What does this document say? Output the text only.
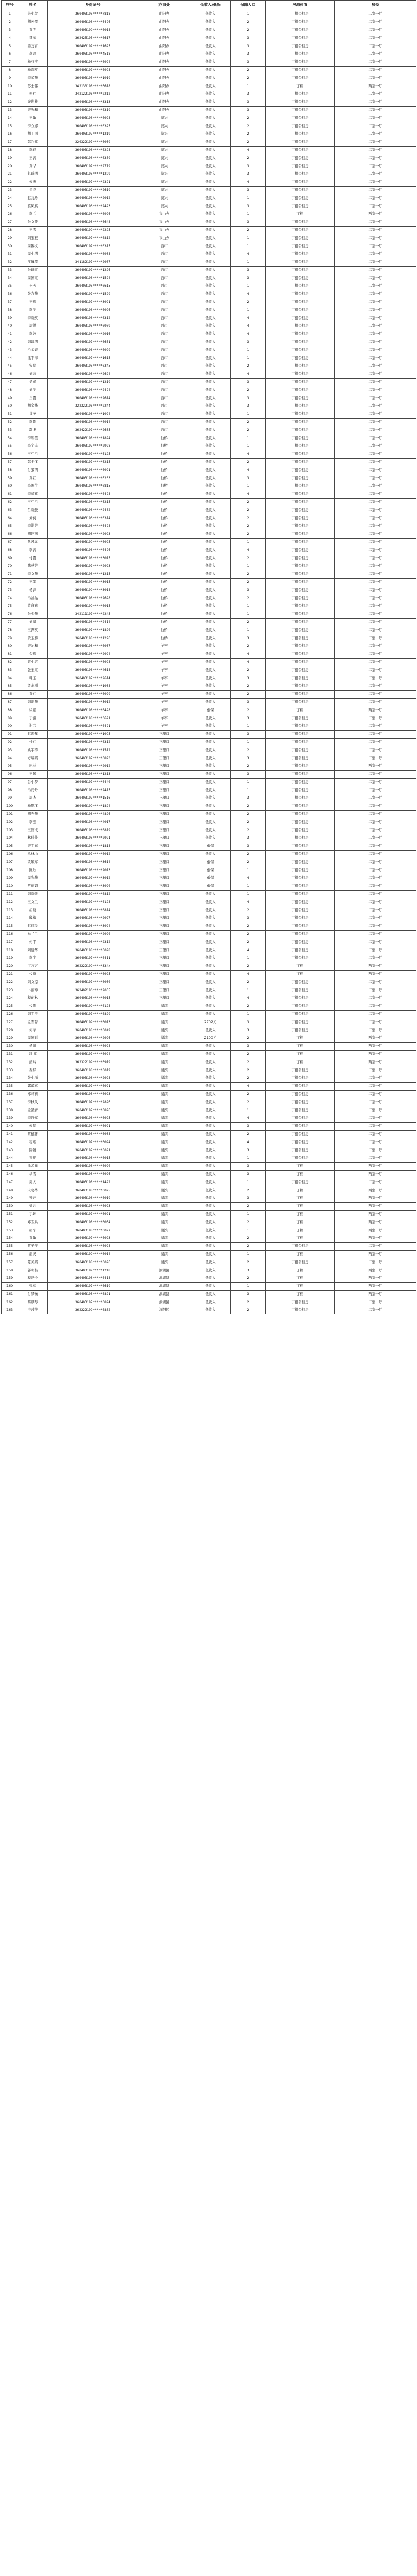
序号	姓名	身份证号	办事处	低收入/低保	保障人口	房源位置	房型
1	朱小梁	360403198*****7818	曲阳办	低收入	1	丁棚公租房	二室一厅
2	胡云霞	360403198*****6426	曲阳办	低收入	2	丁棚公租房	二室一厅
3	黄飞	360403199*****0018	曲阳办	低收入	2	丁棚公租房	二室一厅
4	聂荣	362425195*****0617	曲阳办	低收入	3	丁棚公租房	二室一厅
5	姜万青	360403197*****1625	曲阳办	低收入	3	丁棚公租房	二室一厅
6	李超	360403198*****4518	曲阳办	低收入	3	丁棚公租房	二室一厅
7	杨亚宝	360403198*****0924	曲阳办	低收入	3	丁棚公租房	二室一厅
8	杨海英	360403197*****0928	曲阳办	低收入	2	丁棚公租房	二室一厅
9	李荣华	360403195*****1919	曲阳办	低收入	2	丁棚公租房	二室一厅
10	苏士伟	342130198*****6618	曲阳办	低收入	1	丁棚	两室一厅
11	柯仁	342122196*****2212	曲阳办	低收入	3	丁棚公租房	二室一厅
12	许世雄	360403198*****3313	曲阳办	低收入	3	丁棚公租房	二室一厅
13	宋先和	360403196*****0319	曲阳办	低收入	3	丁棚公租房	二室一厅
14	王敏	360403198*****0028	滨兴	低收入	2	丁棚公租房	二室一厅
15	李立娜	360403198*****0325	滨兴	低收入	2	丁棚公租房	二室一厅
16	胡卫国	360403197*****1219	滨兴	低收入	2	丁棚公租房	二室一厅
17	韩兴斌	220322197*****0039	滨兴	低收入	2	丁棚公租房	二室一厅
18	李峰	360403198*****0228	滨兴	低收入	4	丁棚公租房	二室一厅
19	王涛	360403198*****0359	滨兴	低收入	2	丁棚公租房	二室一厅
20	黄华	360403197*****2719	滨兴	低收入	3	丁棚公租房	二室一厅
21	赵瑞明	360403198*****1299	滨兴	低收入	3	丁棚公租房	二室一厅
22	朱惠	360403197*****2321	滨兴	低收入	4	丁棚公租房	二室一厅
23	祖良	360403197*****2619	滨兴	低收入	3	丁棚公租房	二室一厅
24	赵元珍	360403198*****2012	滨兴	低收入	1	丁棚公租房	二室一厅
25	莫凤英	360403196*****2423	滨兴	低收入	3	丁棚公租房	二室一厅
26	李兵	360403198*****0926	市山办	低收入	1	丁棚	两室一厅
27	朱文佳	360403198*****0648	市山办	低收入	3	丁棚公租房	二室一厅
28	王雪	360403199*****2225	市山办	低收入	2	丁棚公租房	二室一厅
29	刘宝根	360403197*****0812	市山办	低收入	1	丁棚公租房	二室一厅
30	周锡文	360403197*****0315	西市	低收入	1	丁棚公租房	二室一厅
31	周小明	360403198*****0938	西市	低收入	4	丁棚公租房	二室一厅
32	江佩霞	341182197*****2007	西市	低收入	1	丁棚公租房	二室一厅
33	朱瑞红	360403197*****1226	西市	低收入	3	丁棚公租房	二室一厅
34	周国红	360403198*****1524	西市	低收入	3	丁棚公租房	二室一厅
35	王芳	360403198*****0615	西市	低收入	1	丁棚公租房	二室一厅
36	张卉华	360403197*****1529	西市	低收入	4	丁棚公租房	二室一厅
37	王辉	360403197*****3021	西市	低收入	2	丁棚公租房	二室一厅
38	李宁	360403198*****0026	西市	低收入	1	丁棚公租房	二室一厅
39	李晓英	360403198*****0312	西市	低收入	4	丁棚公租房	二室一厅
40	周锐	360403198*****0009	西市	低收入	4	丁棚公租房	二室一厅
41	李波	360403198*****2016	西市	低收入	4	丁棚公租房	二室一厅
42	刘建明	360403197*****0651	西市	低收入	3	丁棚公租房	二室一厅
43	毛金娥	360403196*****0029	西市	低收入	1	丁棚公租房	二室一厅
44	熊平海	360403197*****1615	西市	低收入	1	丁棚公租房	二室一厅
45	宋明	360403198*****0345	西市	低收入	2	丁棚公租房	二室一厅
46	刘莉	360403198*****2624	西市	低收入	4	丁棚公租房	二室一厅
47	吴彪	360403197*****1219	西市	低收入	3	丁棚公租房	二室一厅
48	刘宁	360403198*****2424	西市	低收入	2	丁棚公租房	二室一厅
49	丘霞	360403198*****2614	西市	低收入	3	丁棚公租房	二室一厅
50	胡金华	322322196*****2244	西市	低收入	3	丁棚公租房	二室一厅
51	肖英	360403196*****1024	西市	低收入	1	丁棚公租房	二室一厅
52	李刚	360403198*****0914	西市	低收入	2	丁棚公租房	二室一厅
53	谭 科	362422197*****2635	西市	低收入	2	丁棚公租房	二室一厅
54	李碧霞	360403198*****1824	仙桥	低收入	1	丁棚公租房	二室一厅
55	李宇丰	360403197*****2928	仙桥	低收入	1	丁棚公租房	二室一厅
56	王弓弓	360403197*****6125	仙桥	低收入	4	丁棚公租房	二室一厅
57	韩卡飞	360403197*****6215	仙桥	低收入	2	丁棚公租房	二室一厅
58	付黎明	360403198*****0021	仙桥	低收入	4	丁棚公租房	二室一厅
59	黄红	360403198*****6263	仙桥	低收入	3	丁棚公租房	二室一厅
60	李国生	360403198*****0815	仙桥	低收入	1	丁棚公租房	二室一厅
61	李菊花	360403198*****0428	仙桥	低收入	4	丁棚公租房	二室一厅
62	王弓弓	360403198*****6215	仙桥	低收入	2	丁棚公租房	二室一厅
63	吕晓骏	360403198*****2462	仙桥	低收入	2	丁棚公租房	二室一厅
64	刘何	360403196*****0314	仙桥	低收入	2	丁棚公租房	二室一厅
65	李洪芳	360403198*****6428	仙桥	低收入	2	丁棚公租房	二室一厅
66	胡阿满	360403198*****2023	仙桥	低收入	2	丁棚公租房	二室一厅
67	代凡元	360403199*****0025	仙桥	低收入	1	丁棚公租房	二室一厅
68	李涛	360403198*****0426	仙桥	低收入	4	丁棚公租房	二室一厅
69	付霞	360403198*****3015	仙桥	低收入	2	丁棚公租房	二室一厅
70	陈燕芳	360403197*****2023	仙桥	低收入	1	丁棚公租房	二室一厅
71	李文华	360403198*****1215	仙桥	低收入	2	丁棚公租房	二室一厅
72	王军	360403197*****3015	仙桥	低收入	2	丁棚公租房	二室一厅
73	杨洋	360403199*****3018	仙桥	低收入	3	丁棚公租房	二室一厅
74	冯晶晶	360403198*****2628	仙桥	低收入	2	丁棚公租房	二室一厅
75	黄鑫鑫	360403199*****0015	仙桥	低收入	1	丁棚公租房	二室一厅
76	朱少华	342111197*****2245	仙桥	低收入	1	丁棚公租房	二室一厅
77	刘斌	360403198*****2414	仙桥	低收入	2	丁棚公租房	二室一厅
78	王满英	360403197*****1820	仙桥	低收入	1	丁棚公租房	二室一厅
79	黄玉梅	360403198*****1226	仙桥	低收入	3	丁棚公租房	二室一厅
80	宋尔和	360403198*****0037	羊亭	低收入	2	丁棚公租房	二室一厅
81	金辉	360403198*****2024	羊亭	低收入	4	丁棚公租房	二室一厅
82	管小容	360403198*****0028	羊亭	低收入	4	丁棚公租房	二室一厅
83	张玉红	360403198*****4618	羊亭	低收入	2	丁棚公租房	二室一厅
84	韩玉	360403197*****2614	羊亭	低收入	3	丁棚公租房	二室一厅
85	梁永刚	360403198*****1038	羊亭	低收入	2	丁棚公租房	二室一厅
86	黄伟	360403198*****0029	羊亭	低收入	2	丁棚公租房	二室一厅
87	刘洪华	360403198*****5012	羊亭	低收入	3	丁棚公租房	二室一厅
88	徐娟	360403198*****0428	羊亭	低保	2	丁棚	两室一厅
89	丁滋	360403198*****3621	羊亭	低收入	3	丁棚公租房	二室一厅
90	谢芸	360403198*****0421	羊亭	低收入	1	丁棚公租房	二室一厅
91	赵涛年	360403197*****1095	三理口	低收入	3	丁棚公租房	二室一厅
92	付伟	360403198*****0312	三理口	低收入	1	丁棚公租房	二室一厅
93	姚宇涛	360403198*****1512	三理口	低收入	2	丁棚公租房	二室一厅
94	方瑞娟	360403197*****0823	三理口	低收入	3	丁棚公租房	二室一厅
95	田林	360403198*****2012	三理口	低收入	2	丁棚公租房	两室一厅
96	王国	360403198*****1213	三理口	低收入	3	丁棚公租房	二室一厅
97	彭小梦	360403197*****0440	三理口	低收入	1	丁棚公租房	二室一厅
98	冯丹丹	360403198*****2415	三理口	低收入	1	丁棚公租房	二室一厅
99	周杰	360403197*****1516	三理口	低收入	3	丁棚公租房	二室一厅
100	杨鹏飞	360403199*****1824	三理口	低收入	2	丁棚公租房	二室一厅
101	胡秀华	360403196*****4826	三理口	低收入	2	丁棚公租房	二室一厅
102	李强	360403198*****4017	三理口	低收入	2	丁棚公租房	二室一厅
103	王智成	360403196*****0819	三理口	低收入	2	丁棚公租房	二室一厅
104	林佳佳	360403198*****2021	三理口	低收入	3	丁棚公租房	二室一厅
105	宋卫东	360403198*****1818	三理口	低保	3	丁棚公租房	二室一厅
106	单林山	360403197*****0012	三理口	低收入	2	丁棚公租房	二室一厅
107	梁敏军	360403198*****3614	三理口	低保	2	丁棚公租房	二室一厅
108	陈欣	360403198*****2013	三理口	低保	1	丁棚公租房	二室一厅
109	周光华	360403197*****3012	三理口	低保	4	丁棚公租房	二室一厅
110	芦丽娟	360403198*****3020	三理口	低保	1	丁棚公租房	二室一厅
111	刘晓敏	360403199*****0812	三理口	低收入	1	丁棚公租房	二室一厅
112	王文兰	360403197*****0128	三理口	低收入	4	丁棚公租房	二室一厅
113	胡晓	360403198*****0814	三理口	低收入	2	丁棚公租房	二室一厅
114	殷梅	360403198*****2027	三理口	低收入	3	丁棚公租房	二室一厅
115	赵伟民	360403196*****3024	三理口	低收入	2	丁棚公租房	二室一厅
116	马兰兰	360403197*****2020	三理口	低收入	2	丁棚公租房	二室一厅
117	何平	360403198*****2312	三理口	低收入	2	丁棚公租房	二室一厅
118	刘建华	360403198*****0028	三理口	低收入	4	丁棚公租房	二室一厅
119	李宇	360403197*****0411	三理口	低收入	1	丁棚公租房	二室一厅
120	丁万万	362222199*****334x	三理口	低收入	2	丁棚	两室一厅
121	代康	360403197*****0025	三理口	低收入	4	丁棚	两室一厅
122	刘文凉	360403197*****0030	三理口	低收入	2	丁棚公租房	二室一厅
123	卜丽坤	362402196*****2035	三理口	低收入	1	丁棚公租房	二室一厅
124	程东林	360403198*****0015	三理口	低收入	4	丁棚公租房	二室一厅
125	代鹏	360403199*****0128	湖滨	低收入	2	丁棚公租房	二室一厅
126	刘卫平	360403197*****0829	湖滨	低收入	1	丁棚公租房	二室一厅
127	孟雪瑟	360403199*****0013	湖滨	2702元	3	丁棚公租房	二室一厅
128	何苹	360403198*****0049	湖滨	低收入	3	丁棚公租房	二室一厅
129	周国彩	360403198*****2026	湖滨	2100元	2	丁棚	两室一厅
130	杨川	360403198*****0028	湖滨	低收入	3	丁棚	两室一厅
131	刘 斌	360403197*****0024	湖滨	低收入	2	丁棚	两室一厅
132	彭玲	362322199*****0919	湖滨	低收入	2	丁棚	两室一厅
133	秦娣	360403198*****0019	湖滨	低收入	2	丁棚公租房	二室一厅
134	张小丽	360403198*****2028	湖滨	低收入	2	丁棚公租房	二室一厅
135	郭源惠	360403197*****0021	湖滨	低收入	4	丁棚公租房	二室一厅
136	邓莉莉	360403198*****0023	湖滨	低收入	2	丁棚公租房	二室一厅
137	李秋风	360403197*****2826	湖滨	低收入	2	丁棚公租房	二室一厅
138	孟凌青	360403197*****0826	湖滨	低收入	1	丁棚公租房	二室一厅
139	李静军	360403198*****0025	湖滨	低收入	4	丁棚公租房	二室一厅
140	傅明	360403197*****0021	湖滨	低收入	3	丁棚公租房	二室一厅
141	蔡德怀	360403198*****0038	湖滨	低收入	2	丁棚公租房	二室一厅
142	程朝	360403197*****0024	湖滨	低收入	4	丁棚公租房	二室一厅
143	陈锐	360403197*****0021	湖滨	低收入	3	丁棚公租房	二室一厅
144	孙艳	360403198*****0015	湖滨	低收入	1	丁棚公租房	二室一厅
145	徐孟祥	360403198*****0020	湖滨	低收入	3	丁棚	两室一厅
146	华雪	360403198*****0026	湖滨	低收入	3	丁棚	两室一厅
147	周凡	360403198*****1422	湖滨	低收入	1	丁棚公租房	二室一厅
148	宋冬华	360403198*****0025	湖滨	低收入	2	丁棚	两室一厅
149	钟萍	360403198*****0019	湖滨	低收入	3	丁棚	两室一厅
150	彭沙	360403198*****0023	湖滨	低收入	2	丁棚	两室一厅
151	丁坤	360403197*****0021	湖滨	低收入	1	丁棚	两室一厅
152	邓卫兵	360403198*****0034	湖滨	低收入	2	丁棚	两室一厅
153	胡华	360403198*****0027	湖滨	低收入	1	丁棚	两室一厅
154	黄敏	360403197*****0023	湖滨	低收入	2	丁棚	两室一厅
155	蔡子萍	360403198*****0028	湖滨	低收入	2	丁棚公租房	二室一厅
156	蒲灵	360403199*****0014	湖滨	低收入	1	丁棚	两室一厅
157	陈美娟	360403198*****0026	湖滨	低收入	2	丁棚公租房	二室一厅
158	郭明楷	360403199*****1218	滨湖路	低收入	3	丁棚	两室一厅
159	程浩全	360403198*****0418	滨湖路	低收入	2	丁棚	两室一厅
160	张松	360403197*****0619	滨湖路	低收入	1	丁棚	两室一厅
161	付梦涵	360403198*****0821	滨湖路	低收入	3	丁棚	两室一厅
162	蔡朝琴	360403197*****0824	滨湖路	低收入	2	丁棚公租房	二室一厅
163	宁莎莎	362222199*****0862	浔阳区	低收入	2	丁棚公租房	二室一厅
